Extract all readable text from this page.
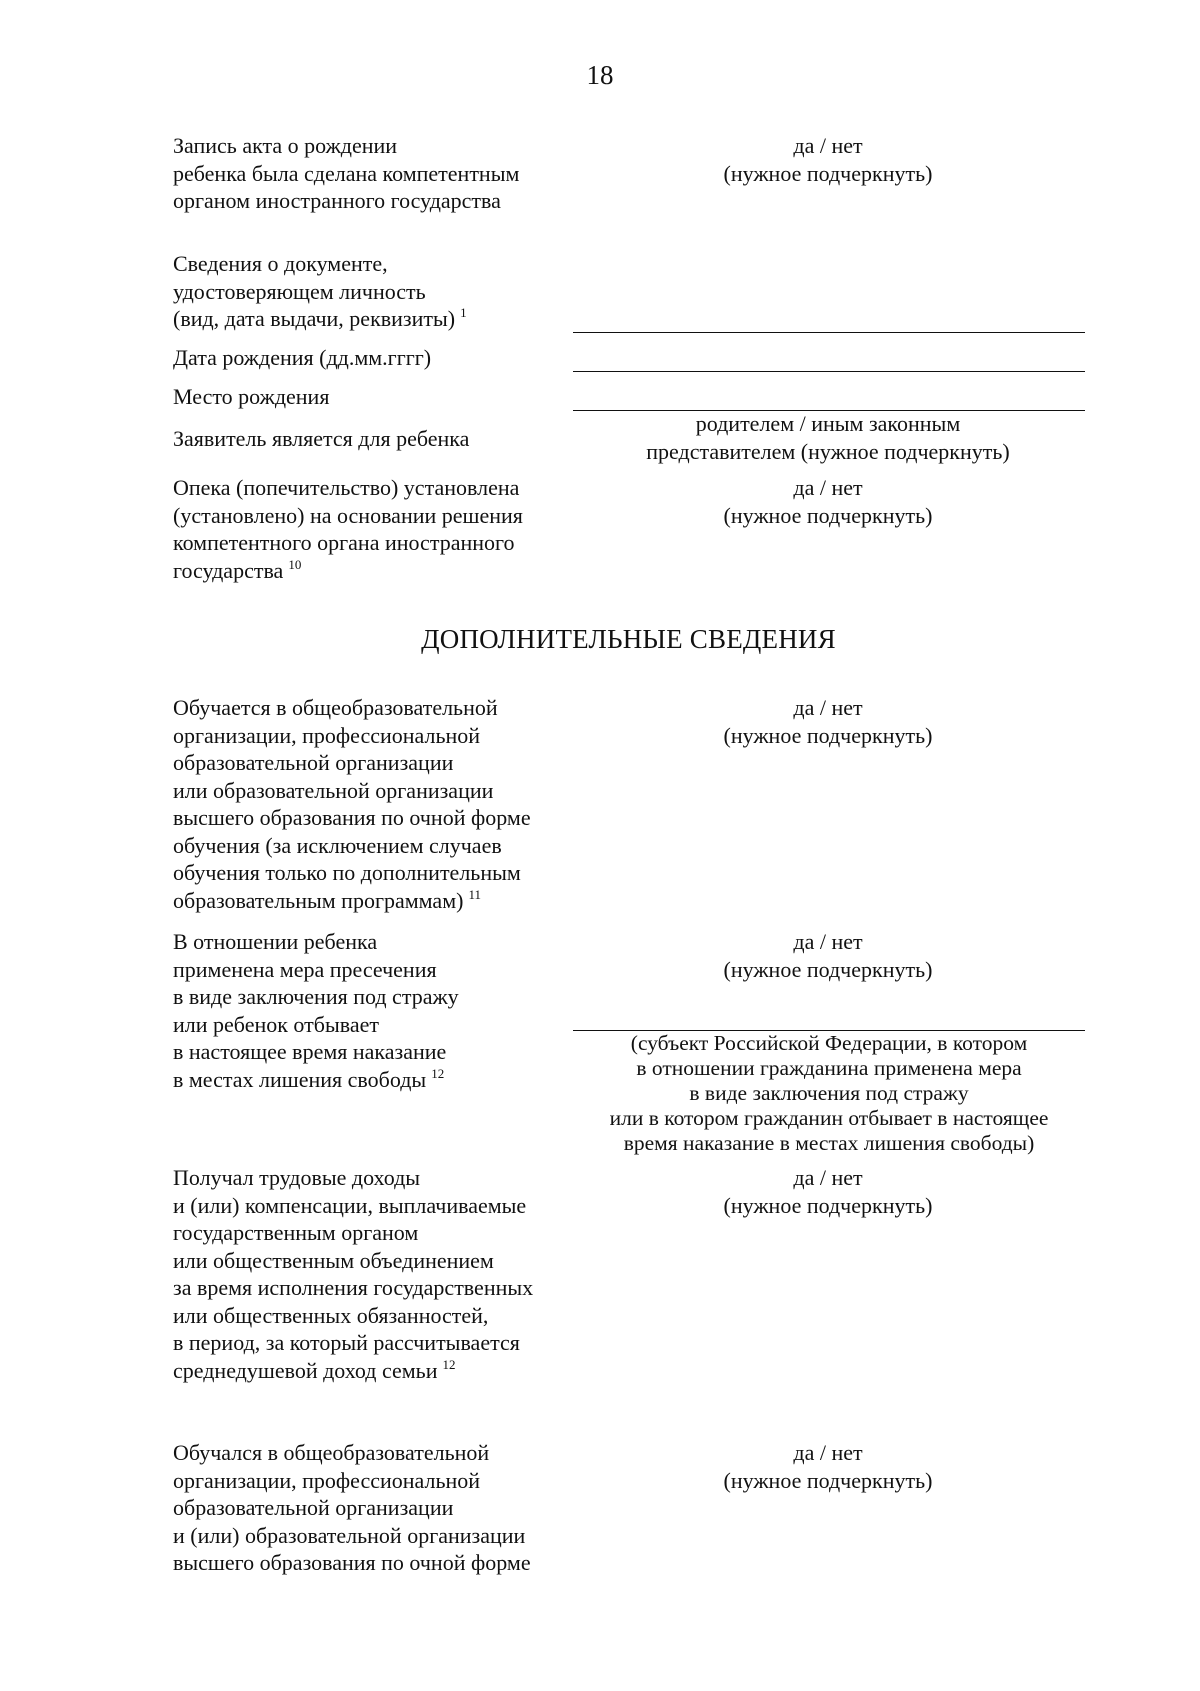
18
Запись акта о рождении
ребенка была сделана компетентным
органом иностранного государства
да / нет
(нужное подчеркнуть)
Сведения о документе,
удостоверяющем личность
(вид, дата выдачи, реквизиты) $^1$
Дата рождения (дд.мм.гггг)
Место рождения
Заявитель является для ребенка
родителем / иным законным
представителем (нужное подчеркнуть)
Опека (попечительство) установлена
(установлено) на основании решения
компетентного органа иностранного
государства $^{10}$
да / нет
(нужное подчеркнуть)
ДОПОЛНИТЕЛЬНЫЕ СВЕДЕНИЯ
Обучается в общеобразовательной
организации, профессиональной
образовательной организации
или образовательной организации
высшего образования по очной форме
обучения (за исключением случаев
обучения только по дополнительным
образовательным программам) $^{11}$
да / нет
(нужное подчеркнуть)
В отношении ребенка
применена мера пресечения
в виде заключения под стражу
или ребенок отбывает
в настоящее время наказание
в местах лишения свободы $^{12}$
да / нет
(нужное подчеркнуть)
(субъект Российской Федерации, в котором
в отношении гражданина применена мера
в виде заключения под стражу
или в котором гражданин отбывает в настоящее
время наказание в местах лишения свободы)
Получал трудовые доходы
и (или) компенсации, выплачиваемые
государственным органом
или общественным объединением
за время исполнения государственных
или общественных обязанностей,
в период, за который рассчитывается
среднедушевой доход семьи $^{12}$
да / нет
(нужное подчеркнуть)
Обучался в общеобразовательной
организации, профессиональной
образовательной организации
и (или) образовательной организации
высшего образования по очной форме
да / нет
(нужное подчеркнуть)
